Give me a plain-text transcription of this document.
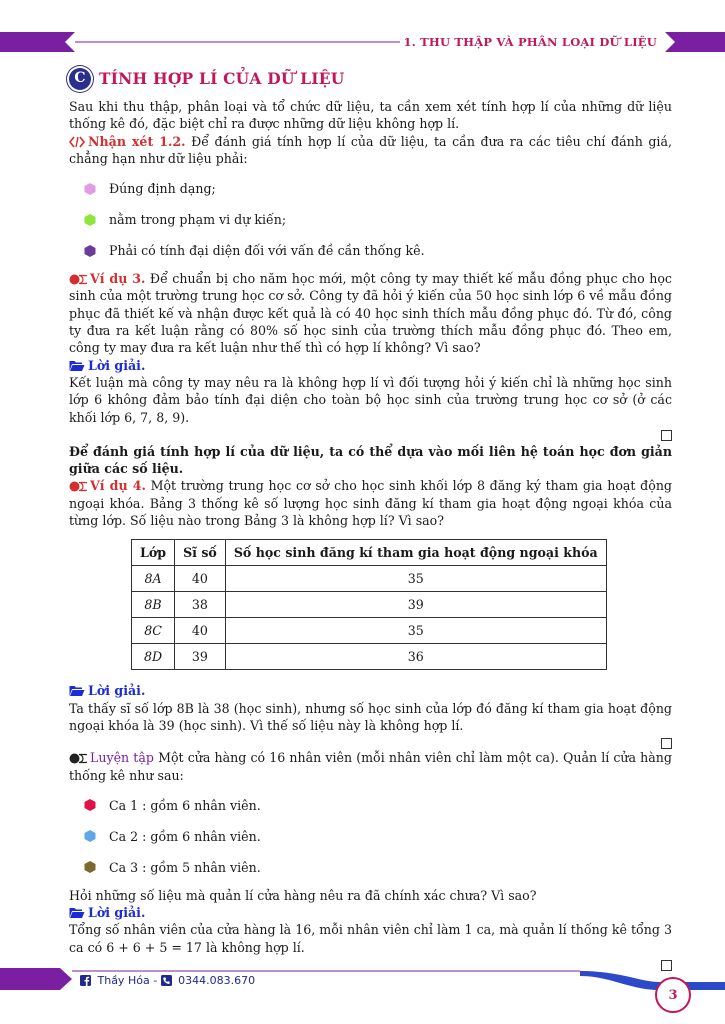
1. THU THẬP VÀ PHÂN LOẠI DỮ LIỆU
C TÍNH HỢP LÍ CỦA DỮ LIỆU

Sau khi thu thập, phân loại và tổ chức dữ liệu, ta cần xem xét tính hợp lí của những dữ liệu thống kê đó, đặc biệt chỉ ra được những dữ liệu không hợp lí.

Nhận xét 1.2. Để đánh giá tính hợp lí của dữ liệu, ta cần đưa ra các tiêu chí đánh giá, chẳng hạn như dữ liệu phải:

Đúng định dạng;
nằm trong phạm vi dự kiến;
Phải có tính đại diện đối với vấn đề cần thống kê.

Ví dụ 3. Để chuẩn bị cho năm học mới, một công ty may thiết kế mẫu đồng phục cho học sinh của một trường trung học cơ sở. Công ty đã hỏi ý kiến của 50 học sinh lớp 6 về mẫu đồng phục đã thiết kế và nhận được kết quả là có 40 học sinh thích mẫu đồng phục đó. Từ đó, công ty đưa ra kết luận rằng có 80% số học sinh của trường thích mẫu đồng phục đó. Theo em, công ty may đưa ra kết luận như thế thì có hợp lí không? Vì sao?

Lời giải.

Kết luận mà công ty may nêu ra là không hợp lí vì đối tượng hỏi ý kiến chỉ là những học sinh lớp 6 không đảm bảo tính đại diện cho toàn bộ học sinh của trường trung học cơ sở (ở các khối lớp 6, 7, 8, 9).

Để đánh giá tính hợp lí của dữ liệu, ta có thể dựa vào mối liên hệ toán học đơn giản giữa các số liệu.

Ví dụ 4. Một trường trung học cơ sở cho học sinh khối lớp 8 đăng ký tham gia hoạt động ngoại khóa. Bảng 3 thống kê số lượng học sinh đăng kí tham gia hoạt động ngoại khóa của từng lớp. Số liệu nào trong Bảng 3 là không hợp lí? Vì sao?

Lớp	Sĩ số	Số học sinh đăng kí tham gia hoạt động ngoại khóa
8A	40	35
8B	38	39
8C	40	35
8D	39	36

Lời giải.

Ta thấy sĩ số lớp 8B là 38 (học sinh), nhưng số học sinh của lớp đó đăng kí tham gia hoạt động ngoại khóa là 39 (học sinh). Vì thế số liệu này là không hợp lí.

Luyện tập Một cửa hàng có 16 nhân viên (mỗi nhân viên chỉ làm một ca). Quản lí cửa hàng thống kê như sau:

Ca 1 : gồm 6 nhân viên.
Ca 2 : gồm 6 nhân viên.
Ca 3 : gồm 5 nhân viên.

Hỏi những số liệu mà quản lí cửa hàng nêu ra đã chính xác chưa? Vì sao?

Lời giải.

Tổng số nhân viên của cửa hàng là 16, mỗi nhân viên chỉ làm 1 ca, mà quản lí thống kê tổng 3 ca có 6 + 6 + 5 = 17 là không hợp lí.

Thầy Hóa - 0344.083.670
3
